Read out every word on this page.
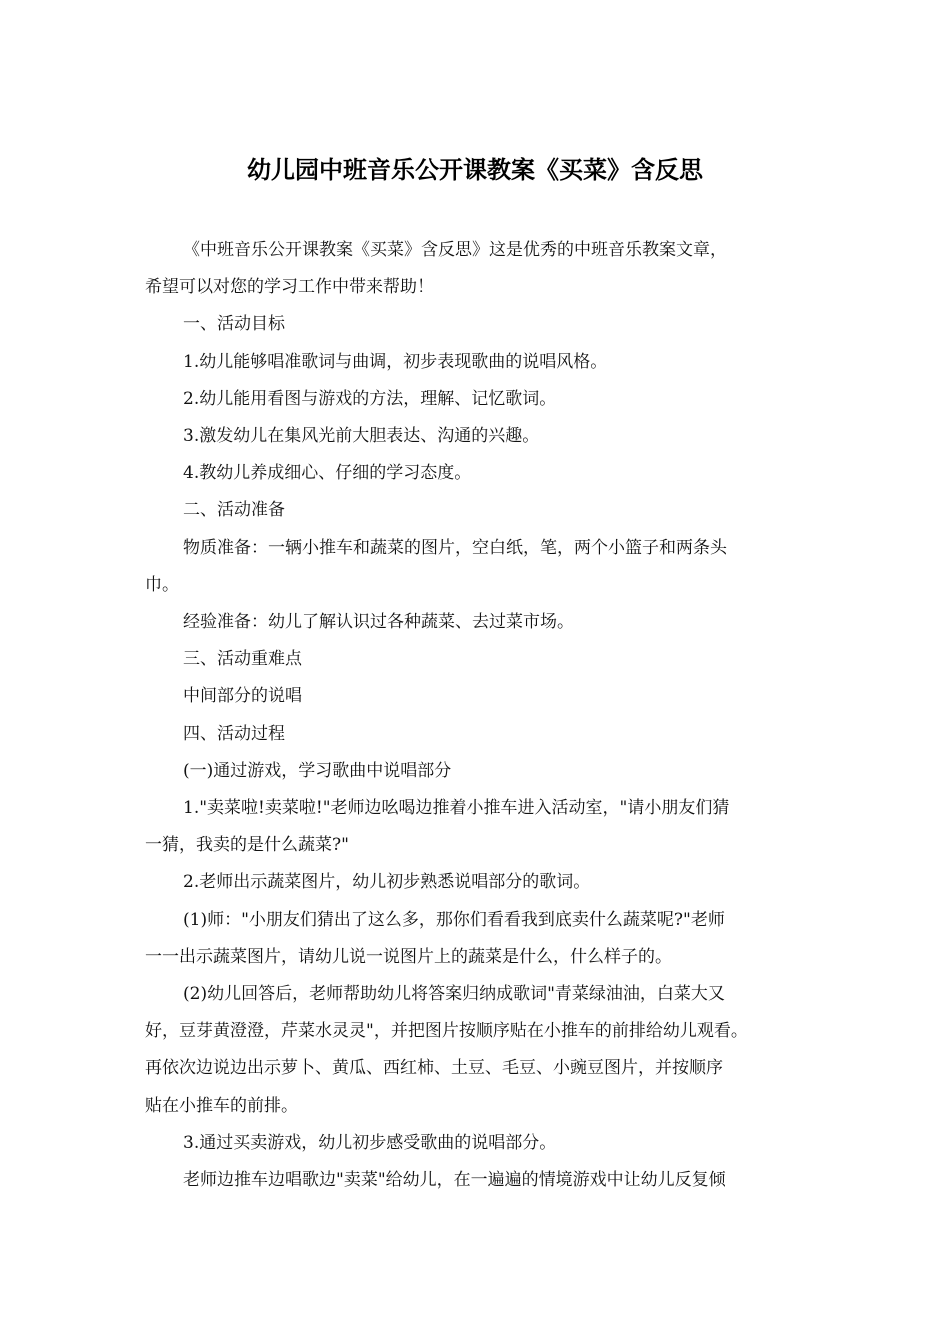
幼儿园中班音乐公开课教案《买菜》含反思

《中班音乐公开课教案《买菜》含反思》这是优秀的中班音乐教案文章，

希望可以对您的学习工作中带来帮助！

一、活动目标

1.幼儿能够唱准歌词与曲调，初步表现歌曲的说唱风格。

2.幼儿能用看图与游戏的方法，理解、记忆歌词。

3.激发幼儿在集风光前大胆表达、沟通的兴趣。

4.教幼儿养成细心、仔细的学习态度。

二、活动准备

物质准备：一辆小推车和蔬菜的图片，空白纸，笔，两个小篮子和两条头

巾。

经验准备：幼儿了解认识过各种蔬菜、去过菜市场。

三、活动重难点

中间部分的说唱

四、活动过程

(一)通过游戏，学习歌曲中说唱部分

1."卖菜啦!卖菜啦!"老师边吆喝边推着小推车进入活动室，"请小朋友们猜

一猜，我卖的是什么蔬菜?"

2.老师出示蔬菜图片，幼儿初步熟悉说唱部分的歌词。

(1)师："小朋友们猜出了这么多，那你们看看我到底卖什么蔬菜呢?"老师

一一出示蔬菜图片，请幼儿说一说图片上的蔬菜是什么，什么样子的。

(2)幼儿回答后，老师帮助幼儿将答案归纳成歌词"青菜绿油油，白菜大又

好，豆芽黄澄澄，芹菜水灵灵"，并把图片按顺序贴在小推车的前排给幼儿观看。

再依次边说边出示萝卜、黄瓜、西红柿、土豆、毛豆、小豌豆图片，并按顺序

贴在小推车的前排。

3.通过买卖游戏，幼儿初步感受歌曲的说唱部分。

老师边推车边唱歌边"卖菜"给幼儿，在一遍遍的情境游戏中让幼儿反复倾
